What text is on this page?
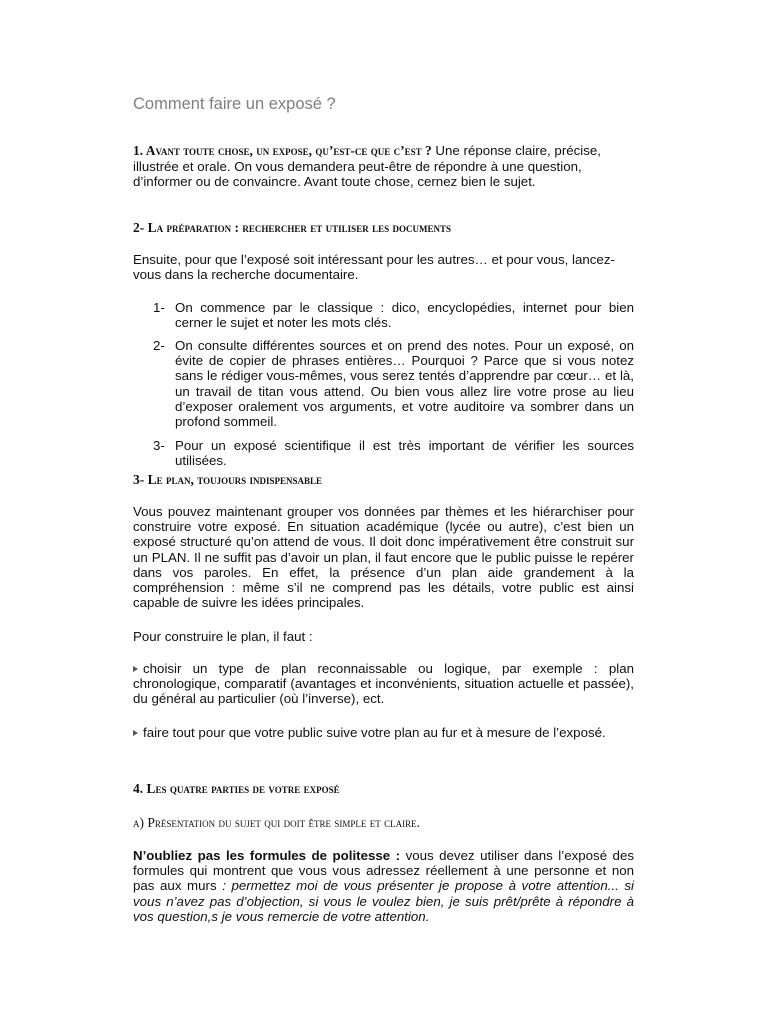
Comment faire un exposé ?
1. Avant toute chose, un expose, qu’est-ce que c’est ? Une réponse claire, précise, illustrée et orale. On vous demandera peut-être de répondre à une question, d’informer ou de convaincre. Avant toute chose, cernez bien le sujet.
2- La préparation : rechercher et utiliser les documents
Ensuite, pour que l’exposé soit intéressant pour les autres… et pour vous, lancez-vous dans la recherche documentaire.
1- On commence par le classique : dico, encyclopédies, internet pour bien cerner le sujet et noter les mots clés.
2- On consulte différentes sources et on prend des notes. Pour un exposé, on évite de copier de phrases entières… Pourquoi ? Parce que si vous notez sans le rédiger vous-mêmes, vous serez tentés d’apprendre par cœur… et là, un travail de titan vous attend. Ou bien vous allez lire votre prose au lieu d’exposer oralement vos arguments, et votre auditoire va sombrer dans un profond sommeil.
3- Pour un exposé scientifique il est très important de vérifier les sources utilisées.
3- Le plan, toujours indispensable
Vous pouvez maintenant grouper vos données par thèmes et les hiérarchiser pour construire votre exposé. En situation académique (lycée ou autre), c’est bien un exposé structuré qu’on attend de vous. Il doit donc impérativement être construit sur un PLAN. Il ne suffit pas d’avoir un plan, il faut encore que le public puisse le repérer dans vos paroles. En effet, la présence d’un plan aide grandement à la compréhension : même s’il ne comprend pas les détails, votre public est ainsi capable de suivre les idées principales.
Pour construire le plan, il faut :
choisir un type de plan reconnaissable ou logique, par exemple : plan chronologique, comparatif (avantages et inconvénients, situation actuelle et passée), du général au particulier (où l’inverse), ect.
faire tout pour que votre public suive votre plan au fur et à mesure de l’exposé.
4. Les quatre parties de votre exposé
a) Présentation du sujet qui doit être simple et claire.
N’oubliez pas les formules de politesse : vous devez utiliser dans l’exposé des formules qui montrent que vous vous adressez réellement à une personne et non pas aux murs : permettez moi de vous présenter je propose à votre attention... si vous n’avez pas d’objection, si vous le voulez bien, je suis prêt/prête à répondre à vos question,s je vous remercie de votre attention.
